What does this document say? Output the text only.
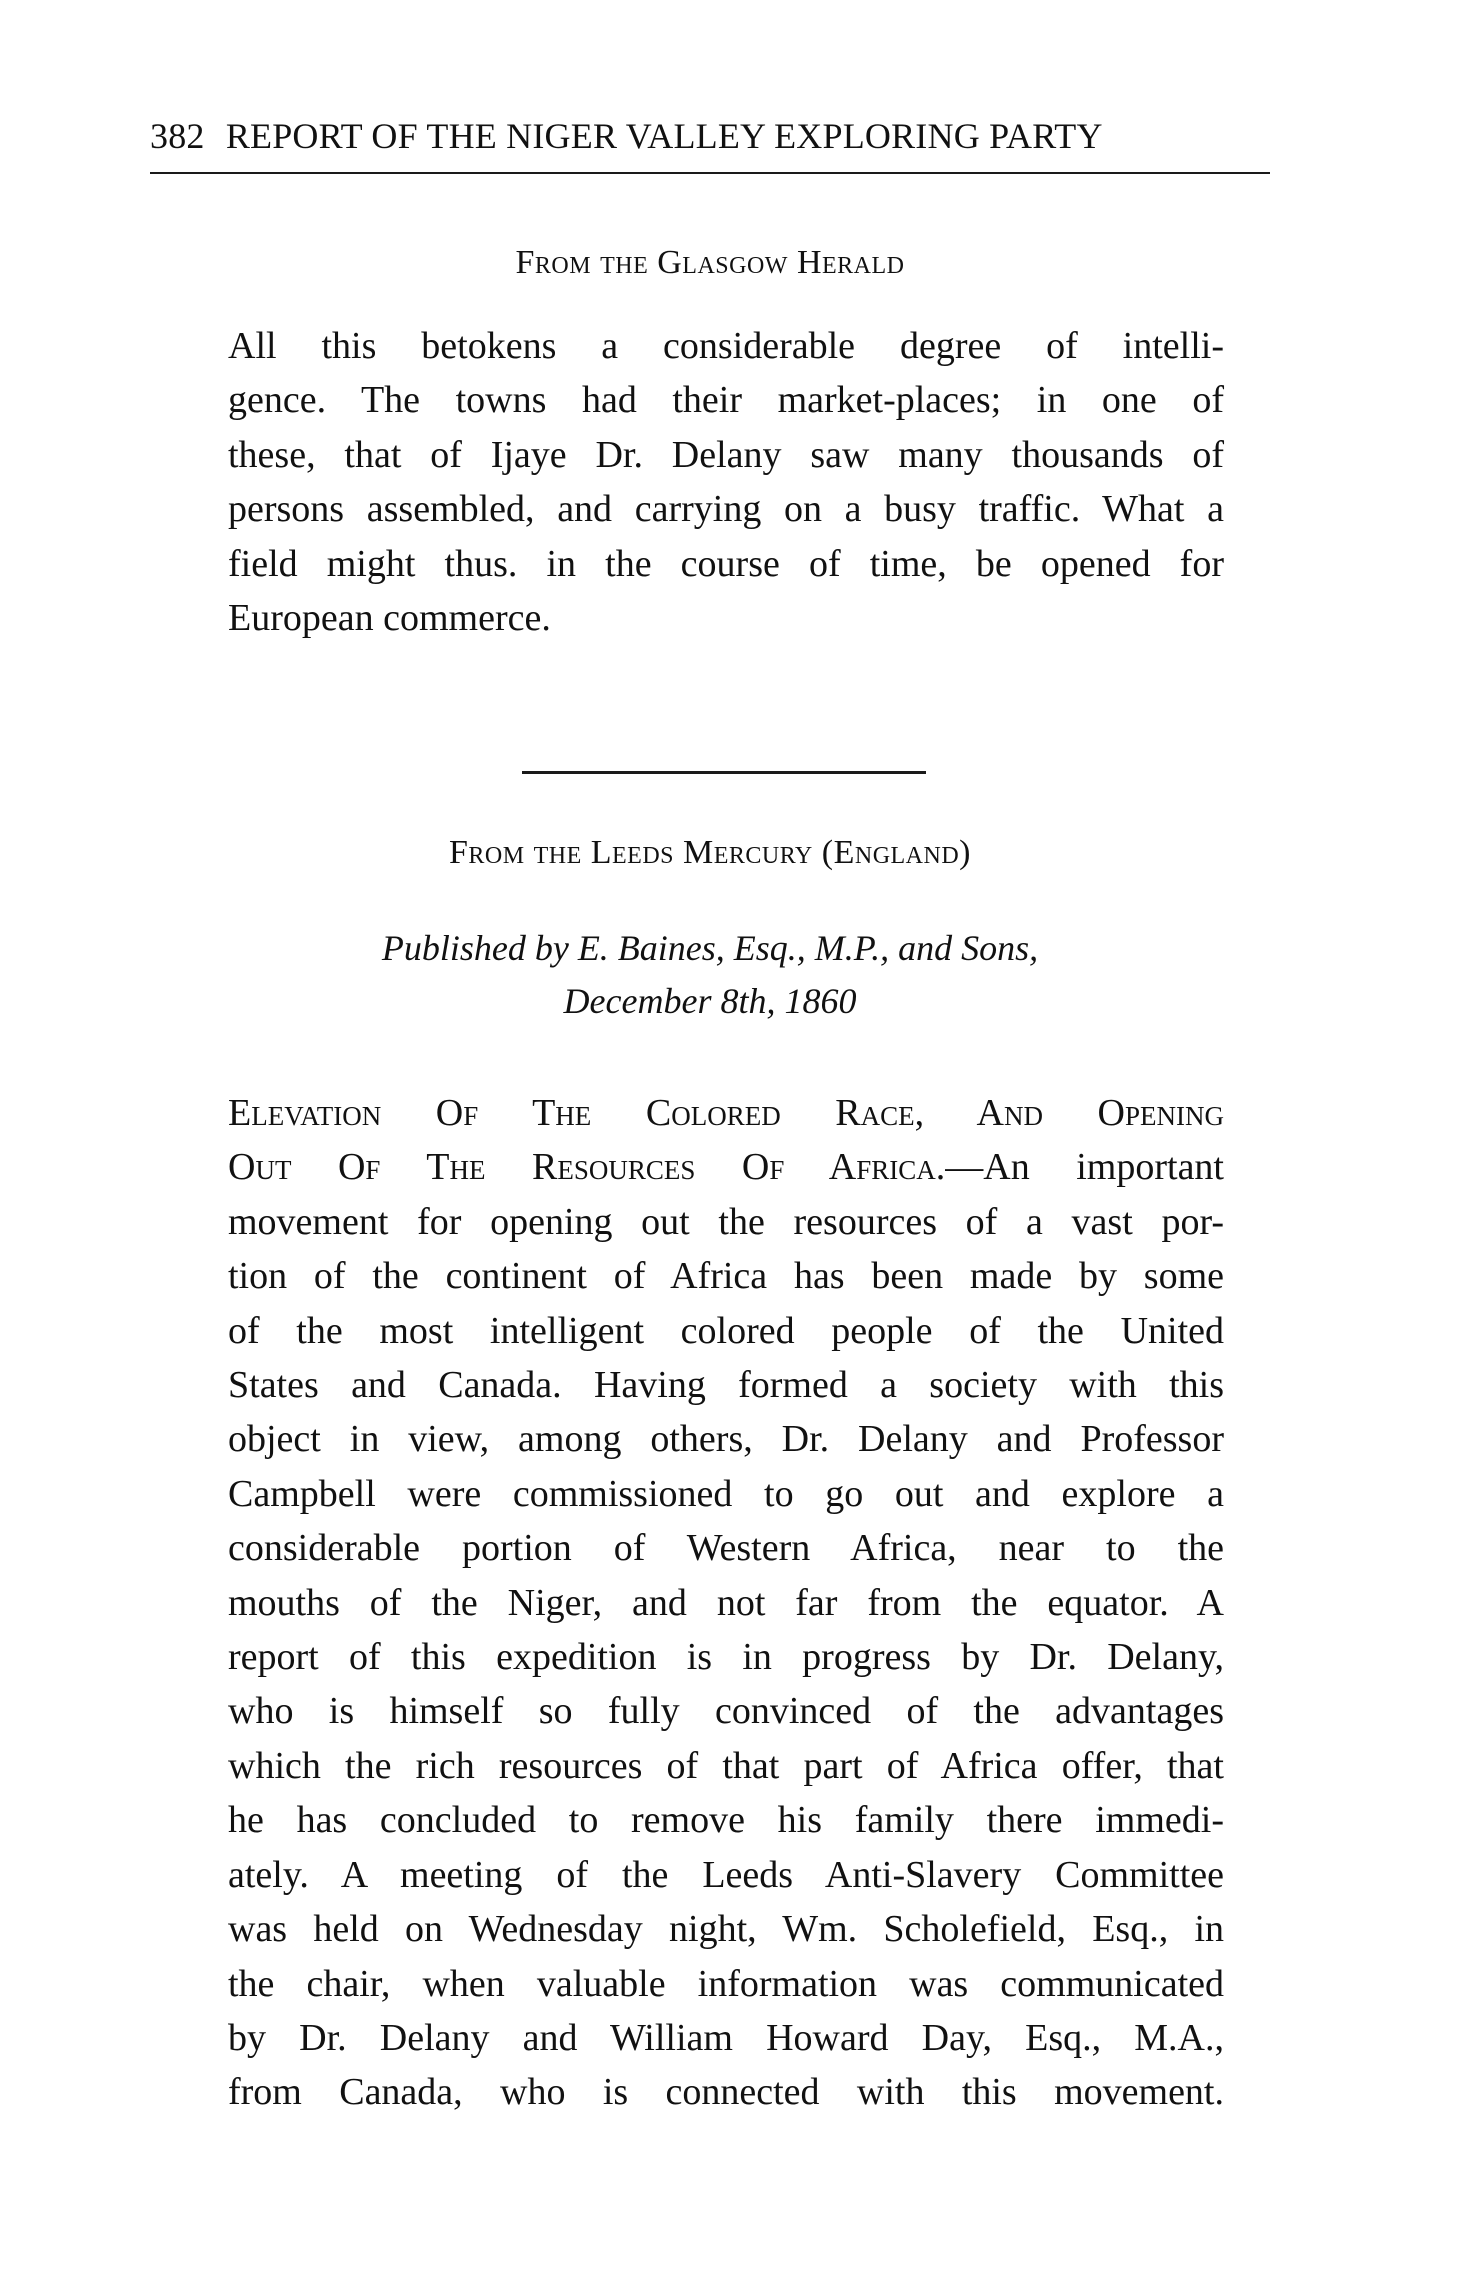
382 REPORT OF THE NIGER VALLEY EXPLORING PARTY
From the Glasgow Herald
All this betokens a considerable degree of intelli-
gence. The towns had their market-places; in one of
these, that of Ijaye Dr. Delany saw many thousands of
persons assembled, and carrying on a busy traffic. What a
field might thus. in the course of time, be opened for
European commerce.
From the Leeds Mercury (England)
Published by E. Baines, Esq., M.P., and Sons,
December 8th, 1860
Elevation Of The Colored Race, And Opening
Out Of The Resources Of Africa.—An important
movement for opening out the resources of a vast por-
tion of the continent of Africa has been made by some
of the most intelligent colored people of the United
States and Canada. Having formed a society with this
object in view, among others, Dr. Delany and Professor
Campbell were commissioned to go out and explore a
considerable portion of Western Africa, near to the
mouths of the Niger, and not far from the equator. A
report of this expedition is in progress by Dr. Delany,
who is himself so fully convinced of the advantages
which the rich resources of that part of Africa offer, that
he has concluded to remove his family there immedi-
ately. A meeting of the Leeds Anti-Slavery Committee
was held on Wednesday night, Wm. Scholefield, Esq., in
the chair, when valuable information was communicated
by Dr. Delany and William Howard Day, Esq., M.A.,
from Canada, who is connected with this movement.
